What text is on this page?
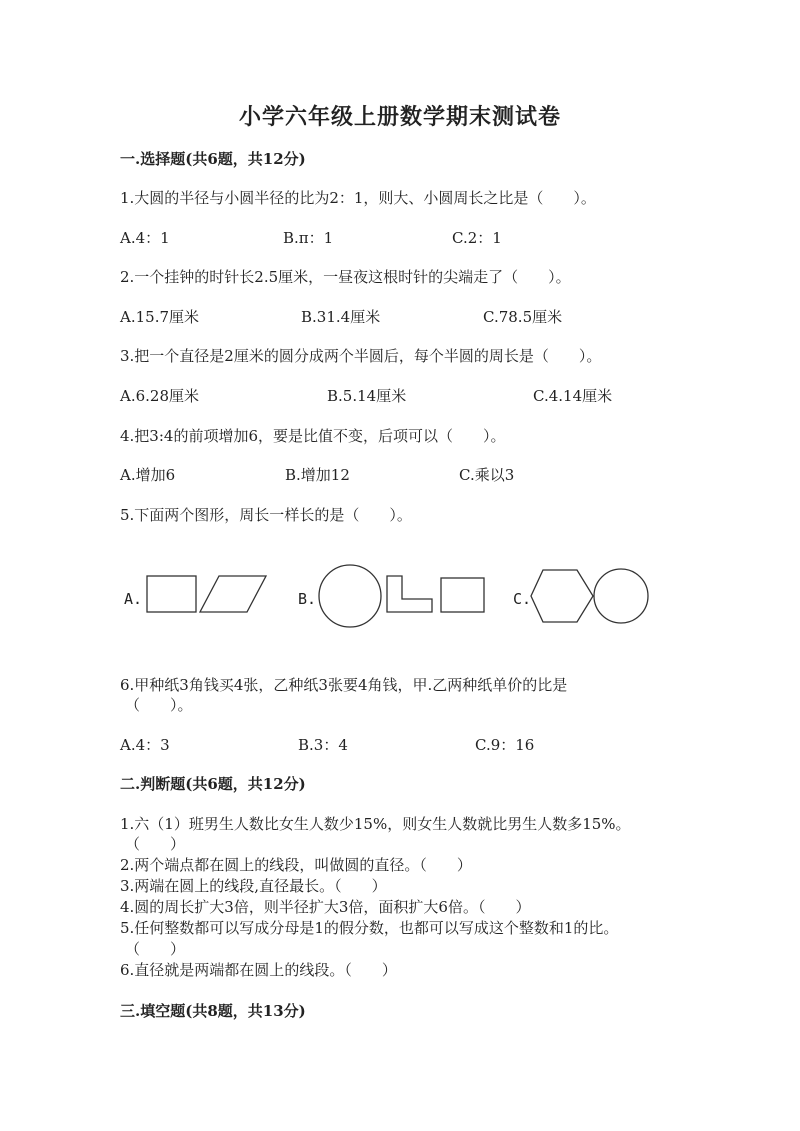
小学六年级上册数学期末测试卷
一.选择题(共6题，共12分)
1.大圆的半径与小圆半径的比为2：1，则大、小圆周长之比是（　　）。
A.4：1	B.π：1	C.2：1
2.一个挂钟的时针长2.5厘米，一昼夜这根时针的尖端走了（　　）。
A.15.7厘米	B.31.4厘米	C.78.5厘米
3.把一个直径是2厘米的圆分成两个半圆后，每个半圆的周长是（　　）。
A.6.28厘米	B.5.14厘米	C.4.14厘米
4.把3:4的前项增加6，要是比值不变，后项可以（　　）。
A.增加6	B.增加12	C.乘以3
5.下面两个图形，周长一样长的是（　　）。
A.	B.	C.
6.甲种纸3角钱买4张，乙种纸3张要4角钱，甲.乙两种纸单价的比是
（　　）。
A.4：3	B.3：4	C.9：16
二.判断题(共6题，共12分)
1.六（1）班男生人数比女生人数少15%，则女生人数就比男生人数多15%。
（　　）
2.两个端点都在圆上的线段，叫做圆的直径。（　　）
3.两端在圆上的线段,直径最长。（　　）
4.圆的周长扩大3倍，则半径扩大3倍，面积扩大6倍。（　　）
5.任何整数都可以写成分母是1的假分数，也都可以写成这个整数和1的比。
（　　）
6.直径就是两端都在圆上的线段。（　　）
三.填空题(共8题，共13分)
